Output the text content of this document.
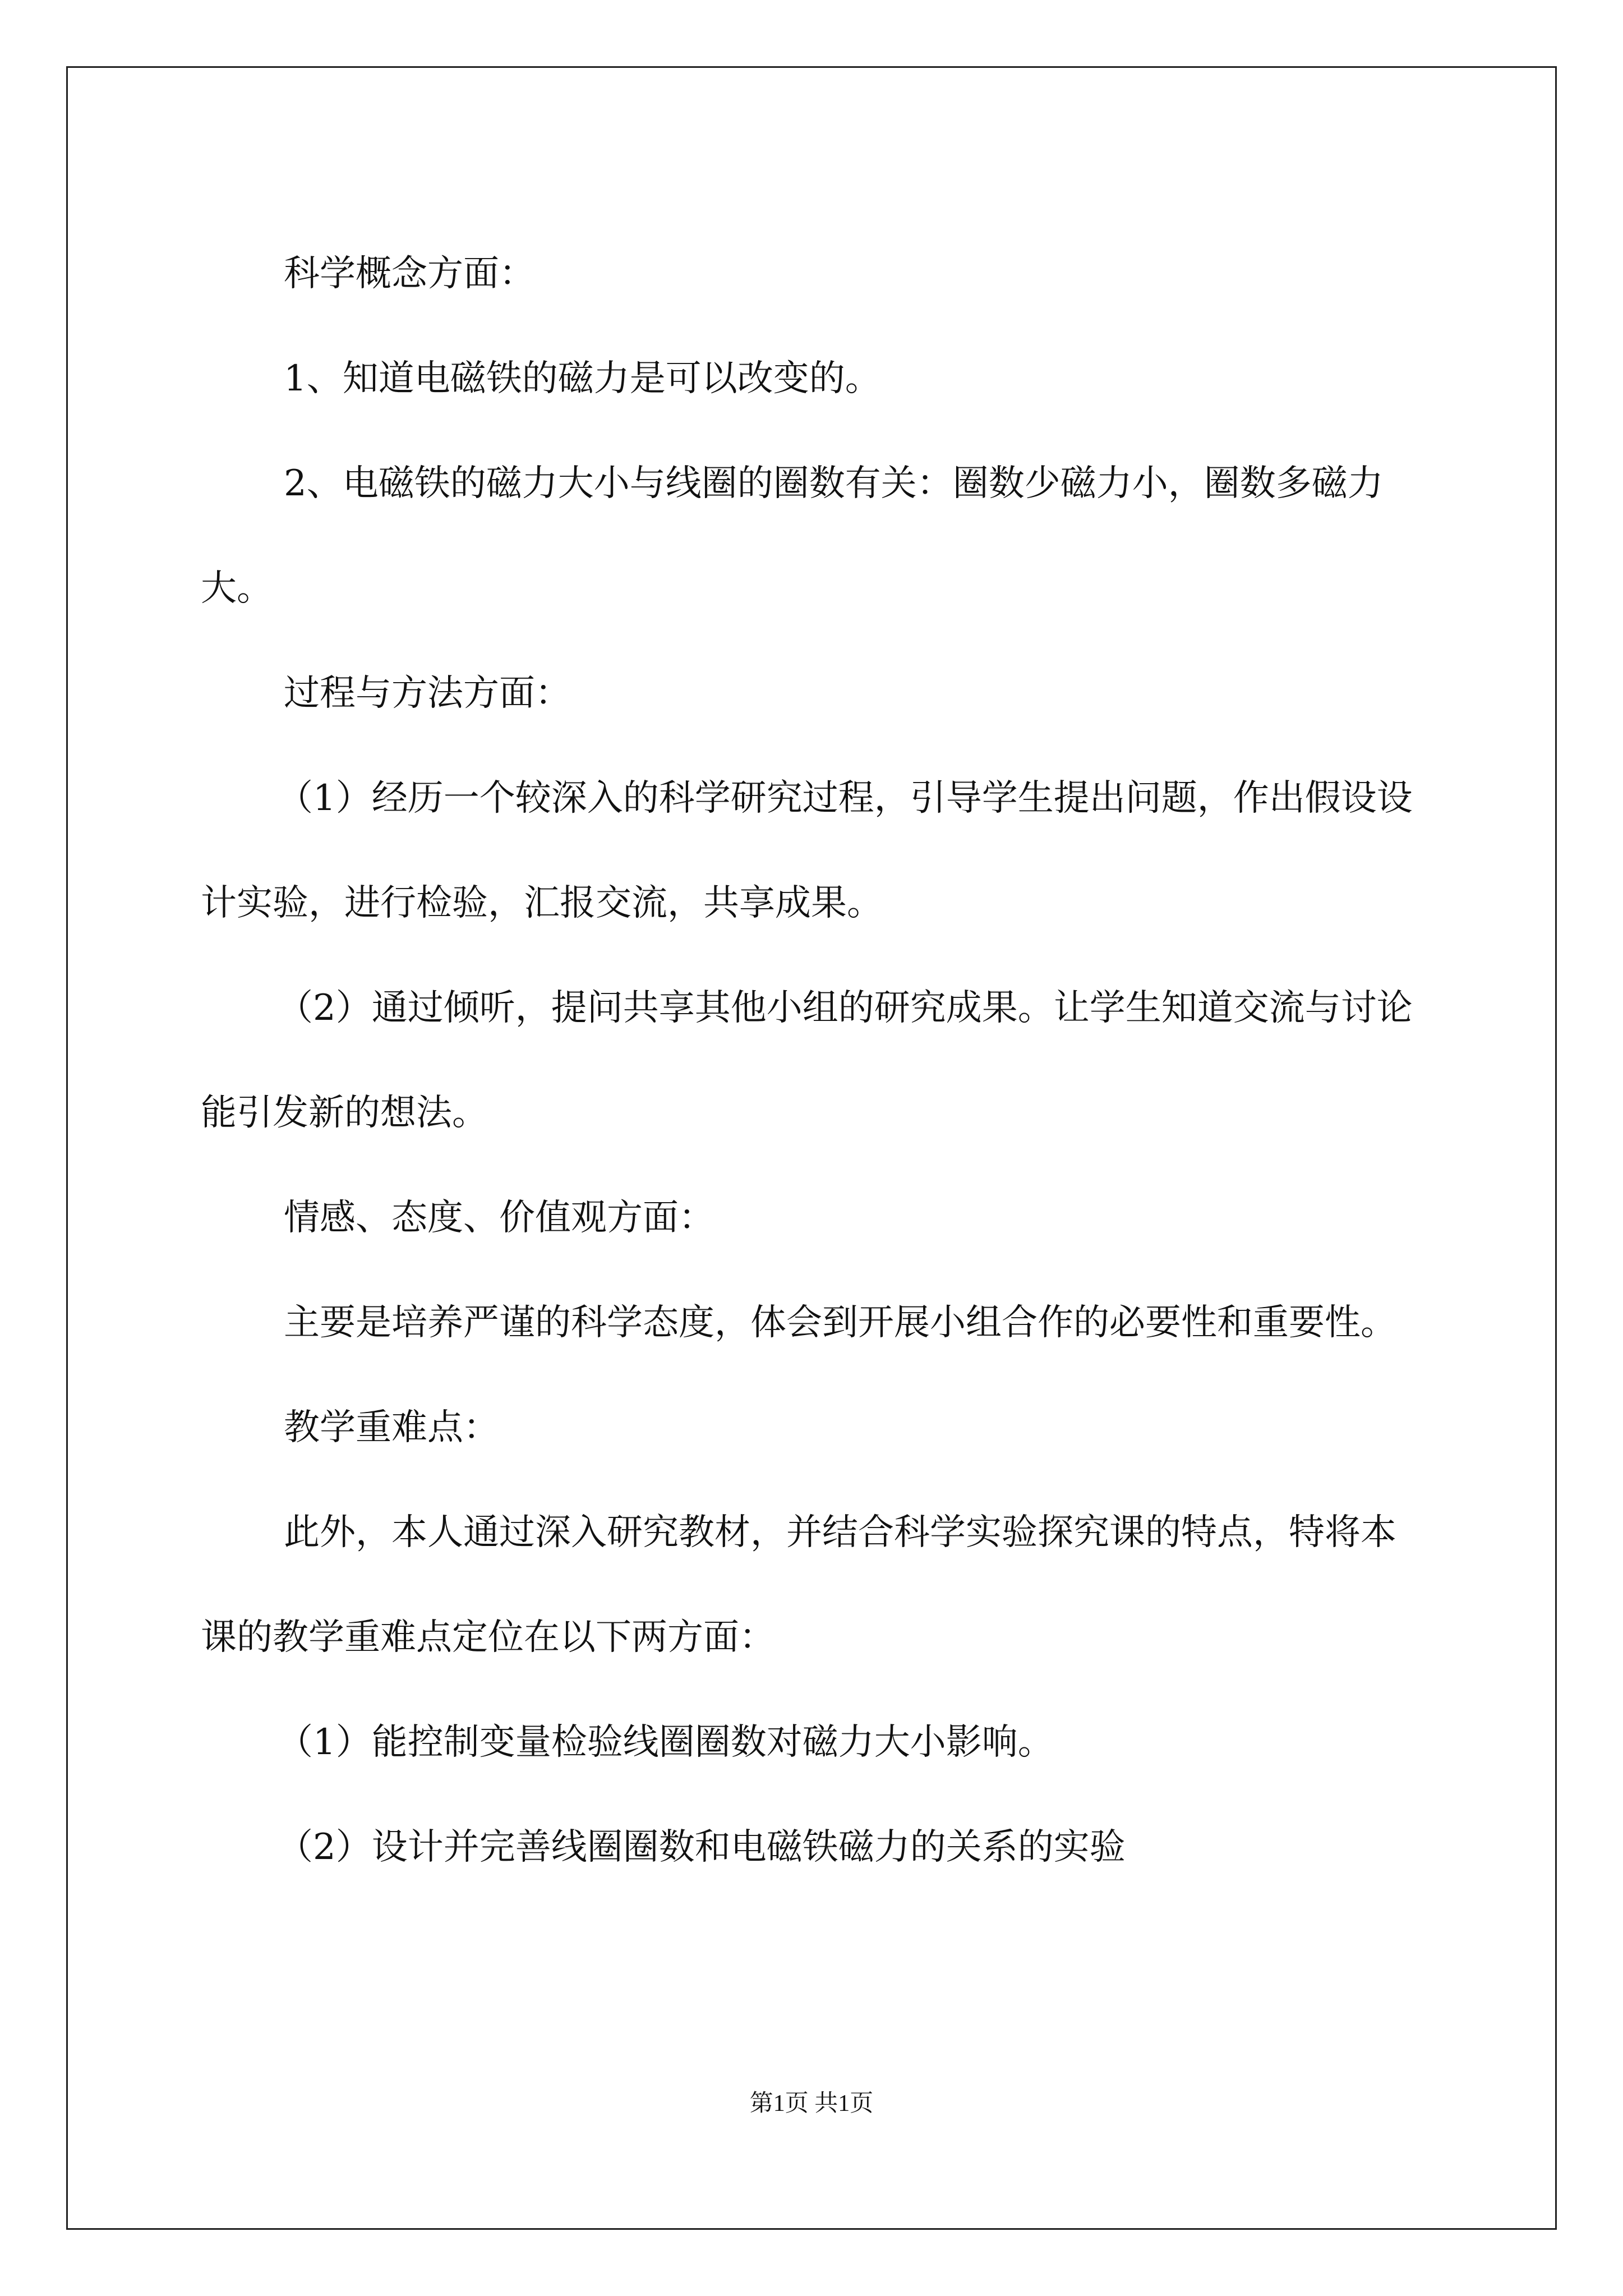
科学概念方面：

1、知道电磁铁的磁力是可以改变的。

2、电磁铁的磁力大小与线圈的圈数有关：圈数少磁力小，圈数多磁力大。

过程与方法方面：

（1）经历一个较深入的科学研究过程，引导学生提出问题，作出假设设计实验，进行检验，汇报交流，共享成果。

（2）通过倾听，提问共享其他小组的研究成果。让学生知道交流与讨论能引发新的想法。

情感、态度、价值观方面：

主要是培养严谨的科学态度，体会到开展小组合作的必要性和重要性。

教学重难点：

此外，本人通过深入研究教材，并结合科学实验探究课的特点，特将本课的教学重难点定位在以下两方面：

（1）能控制变量检验线圈圈数对磁力大小影响。

（2）设计并完善线圈圈数和电磁铁磁力的关系的实验

第1页 共1页
